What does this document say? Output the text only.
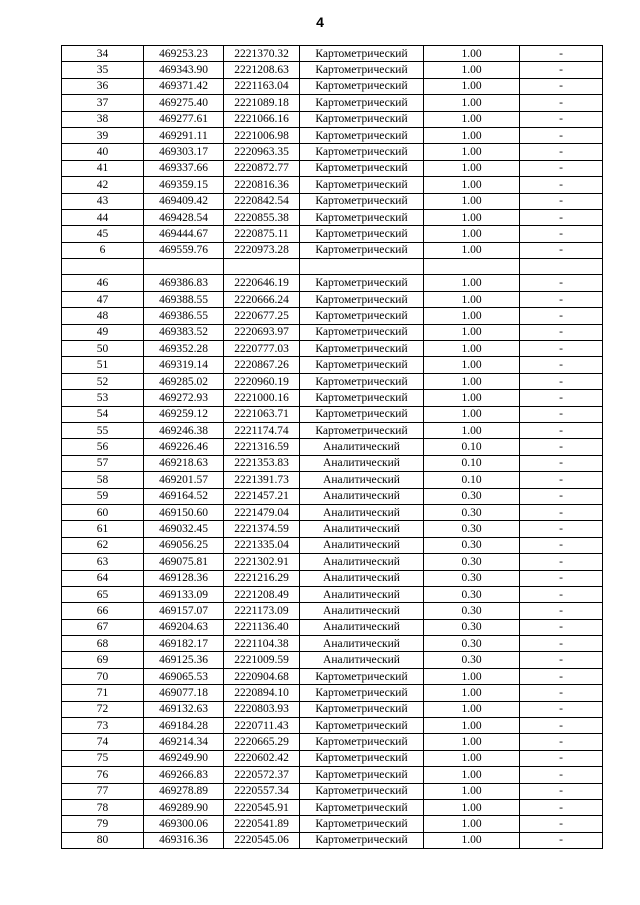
4
34	469253.23	2221370.32	Картометрический	1.00	-
35	469343.90	2221208.63	Картометрический	1.00	-
36	469371.42	2221163.04	Картометрический	1.00	-
37	469275.40	2221089.18	Картометрический	1.00	-
38	469277.61	2221066.16	Картометрический	1.00	-
39	469291.11	2221006.98	Картометрический	1.00	-
40	469303.17	2220963.35	Картометрический	1.00	-
41	469337.66	2220872.77	Картометрический	1.00	-
42	469359.15	2220816.36	Картометрический	1.00	-
43	469409.42	2220842.54	Картометрический	1.00	-
44	469428.54	2220855.38	Картометрический	1.00	-
45	469444.67	2220875.11	Картометрический	1.00	-
6	469559.76	2220973.28	Картометрический	1.00	-

46	469386.83	2220646.19	Картометрический	1.00	-
47	469388.55	2220666.24	Картометрический	1.00	-
48	469386.55	2220677.25	Картометрический	1.00	-
49	469383.52	2220693.97	Картометрический	1.00	-
50	469352.28	2220777.03	Картометрический	1.00	-
51	469319.14	2220867.26	Картометрический	1.00	-
52	469285.02	2220960.19	Картометрический	1.00	-
53	469272.93	2221000.16	Картометрический	1.00	-
54	469259.12	2221063.71	Картометрический	1.00	-
55	469246.38	2221174.74	Картометрический	1.00	-
56	469226.46	2221316.59	Аналитический	0.10	-
57	469218.63	2221353.83	Аналитический	0.10	-
58	469201.57	2221391.73	Аналитический	0.10	-
59	469164.52	2221457.21	Аналитический	0.30	-
60	469150.60	2221479.04	Аналитический	0.30	-
61	469032.45	2221374.59	Аналитический	0.30	-
62	469056.25	2221335.04	Аналитический	0.30	-
63	469075.81	2221302.91	Аналитический	0.30	-
64	469128.36	2221216.29	Аналитический	0.30	-
65	469133.09	2221208.49	Аналитический	0.30	-
66	469157.07	2221173.09	Аналитический	0.30	-
67	469204.63	2221136.40	Аналитический	0.30	-
68	469182.17	2221104.38	Аналитический	0.30	-
69	469125.36	2221009.59	Аналитический	0.30	-
70	469065.53	2220904.68	Картометрический	1.00	-
71	469077.18	2220894.10	Картометрический	1.00	-
72	469132.63	2220803.93	Картометрический	1.00	-
73	469184.28	2220711.43	Картометрический	1.00	-
74	469214.34	2220665.29	Картометрический	1.00	-
75	469249.90	2220602.42	Картометрический	1.00	-
76	469266.83	2220572.37	Картометрический	1.00	-
77	469278.89	2220557.34	Картометрический	1.00	-
78	469289.90	2220545.91	Картометрический	1.00	-
79	469300.06	2220541.89	Картометрический	1.00	-
80	469316.36	2220545.06	Картометрический	1.00	-
